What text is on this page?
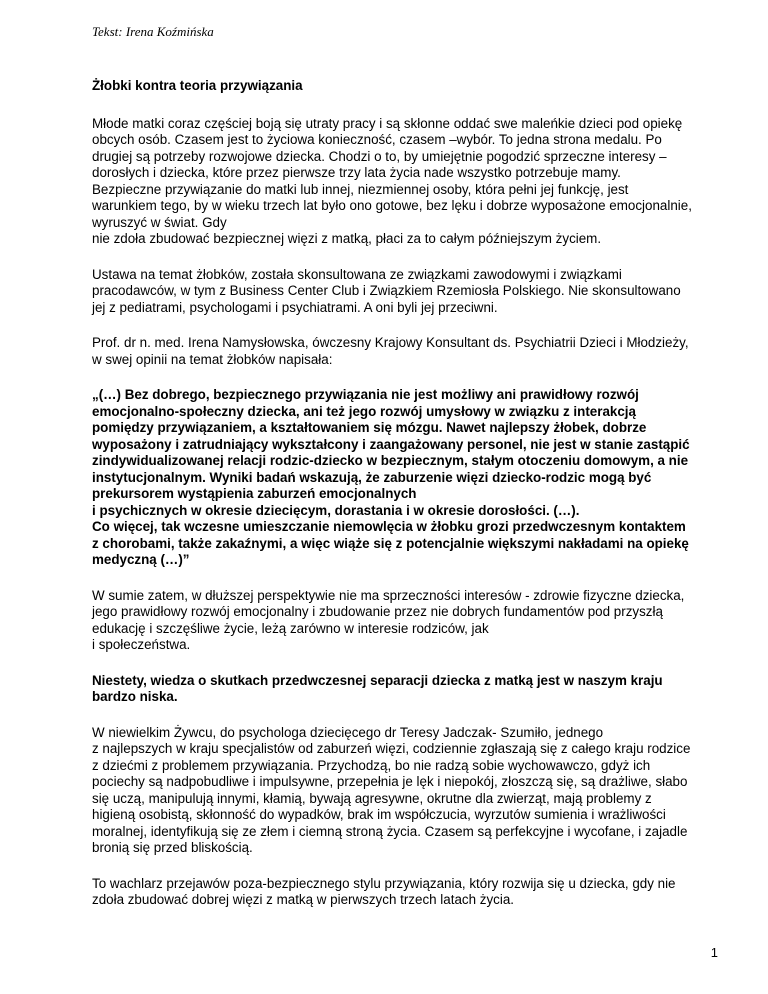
Tekst: Irena Koźmińska

Żłobki kontra teoria przywiązania

Młode matki coraz częściej boją się utraty pracy i są skłonne oddać swe maleńkie dzieci pod opiekę obcych osób. Czasem jest to życiowa konieczność, czasem –wybór. To jedna strona medalu. Po drugiej są potrzeby rozwojowe dziecka. Chodzi o to, by umiejętnie pogodzić sprzeczne interesy – dorosłych i dziecka, które przez pierwsze trzy lata życia nade wszystko potrzebuje mamy. Bezpieczne przywiązanie do matki lub innej, niezmiennej osoby, która pełni jej funkcję, jest warunkiem tego, by w wieku trzech lat było ono gotowe, bez lęku i dobrze wyposażone emocjonalnie, wyruszyć w świat. Gdy
nie zdoła zbudować bezpiecznej więzi z matką, płaci za to całym późniejszym życiem.

Ustawa na temat żłobków, została skonsultowana ze związkami zawodowymi i związkami pracodawców, w tym z Business Center Club i Związkiem Rzemiosła Polskiego. Nie skonsultowano jej z pediatrami, psychologami i psychiatrami. A oni byli jej przeciwni.

Prof. dr n. med. Irena Namysłowska, ówczesny Krajowy Konsultant ds. Psychiatrii Dzieci i Młodzieży, w swej opinii na temat żłobków napisała:

„(…) Bez dobrego, bezpiecznego przywiązania nie jest możliwy ani prawidłowy rozwój emocjonalno-społeczny dziecka, ani też jego rozwój umysłowy w związku z interakcją pomiędzy przywiązaniem, a kształtowaniem się mózgu. Nawet najlepszy żłobek, dobrze wyposażony i zatrudniający wykształcony i zaangażowany personel, nie jest w stanie zastąpić zindywidualizowanej relacji rodzic-dziecko w bezpiecznym, stałym otoczeniu domowym, a nie instytucjonalnym. Wyniki badań wskazują, że zaburzenie więzi dziecko-rodzic mogą być prekursorem wystąpienia zaburzeń emocjonalnych
i psychicznych w okresie dziecięcym, dorastania i w okresie dorosłości. (…).
Co więcej, tak wczesne umieszczanie niemowlęcia w żłobku grozi przedwczesnym kontaktem z chorobami, także zakaźnymi, a więc wiąże się z potencjalnie większymi nakładami na opiekę medyczną (…)”

W sumie zatem, w dłuższej perspektywie nie ma sprzeczności interesów - zdrowie fizyczne dziecka, jego prawidłowy rozwój emocjonalny i zbudowanie przez nie dobrych fundamentów pod przyszłą edukację i szczęśliwe życie, leżą zarówno w interesie rodziców, jak
i społeczeństwa.

Niestety, wiedza o skutkach przedwczesnej separacji dziecka z matką jest w naszym kraju bardzo niska.

W niewielkim Żywcu, do psychologa dziecięcego dr Teresy Jadczak- Szumiło, jednego
z najlepszych w kraju specjalistów od zaburzeń więzi, codziennie zgłaszają się z całego kraju rodzice z dziećmi z problemem przywiązania. Przychodzą, bo nie radzą sobie wychowawczo, gdyż ich pociechy są nadpobudliwe i impulsywne, przepełnia je lęk i niepokój, złoszczą się, są drażliwe, słabo się uczą, manipulują innymi, kłamią, bywają agresywne, okrutne dla zwierząt, mają problemy z higieną osobistą, skłonność do wypadków, brak im współczucia, wyrzutów sumienia i wrażliwości moralnej, identyfikują się ze złem i ciemną stroną życia. Czasem są perfekcyjne i wycofane, i zajadle bronią się przed bliskością.

To wachlarz przejawów poza-bezpiecznego stylu przywiązania, który rozwija się u dziecka, gdy nie zdoła zbudować dobrej więzi z matką w pierwszych trzech latach życia.

1
